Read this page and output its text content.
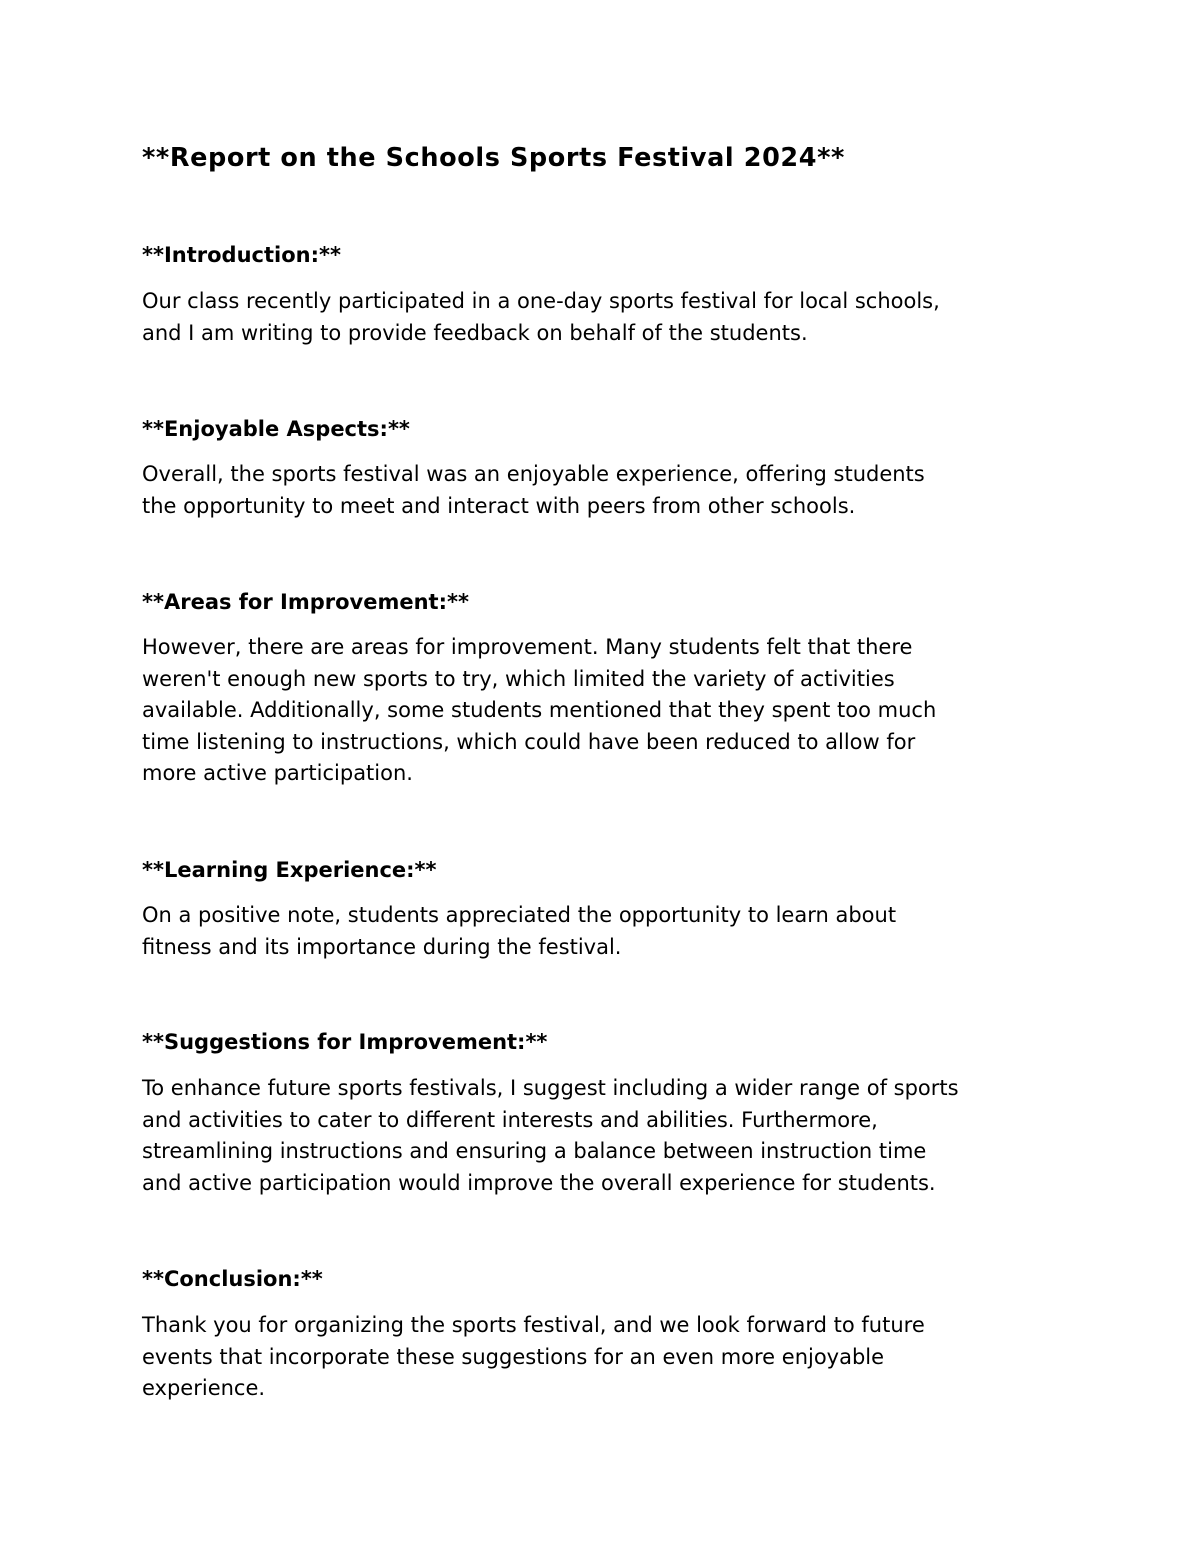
**Report on the Schools Sports Festival 2024**
**Introduction:**
Our class recently participated in a one-day sports festival for local schools,
and I am writing to provide feedback on behalf of the students.
**Enjoyable Aspects:**
Overall, the sports festival was an enjoyable experience, offering students
the opportunity to meet and interact with peers from other schools.
**Areas for Improvement:**
However, there are areas for improvement. Many students felt that there
weren't enough new sports to try, which limited the variety of activities
available. Additionally, some students mentioned that they spent too much
time listening to instructions, which could have been reduced to allow for
more active participation.
**Learning Experience:**
On a positive note, students appreciated the opportunity to learn about
fitness and its importance during the festival.
**Suggestions for Improvement:**
To enhance future sports festivals, I suggest including a wider range of sports
and activities to cater to different interests and abilities. Furthermore,
streamlining instructions and ensuring a balance between instruction time
and active participation would improve the overall experience for students.
**Conclusion:**
Thank you for organizing the sports festival, and we look forward to future
events that incorporate these suggestions for an even more enjoyable
experience.
